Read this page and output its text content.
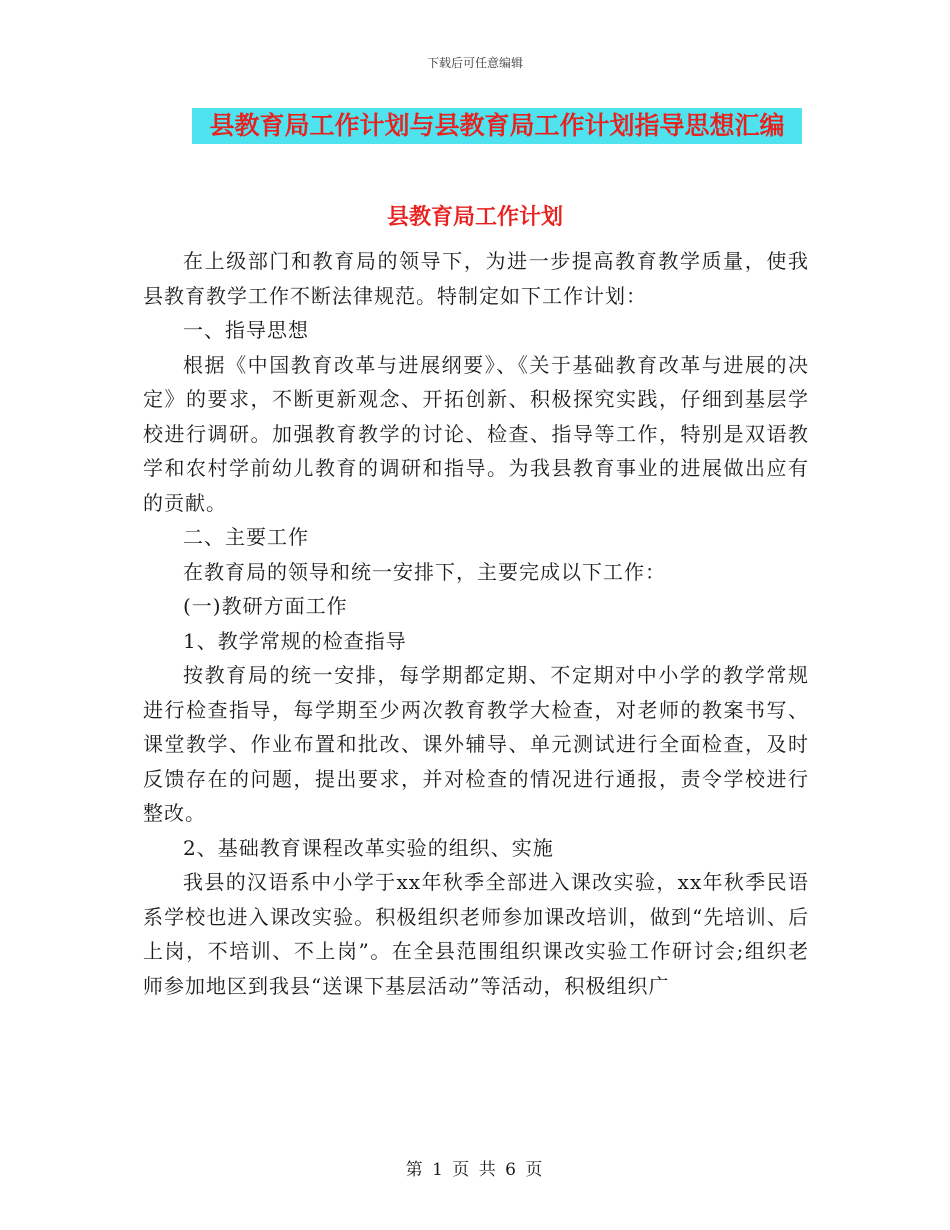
下载后可任意编辑
县教育局工作计划与县教育局工作计划指导思想汇编
县教育局工作计划

在上级部门和教育局的领导下，为进一步提高教育教学质量，使我县教育教学工作不断法律规范。特制定如下工作计划：

一、指导思想

根据《中国教育改革与进展纲要》、《关于基础教育改革与进展的决定》的要求，不断更新观念、开拓创新、积极探究实践，仔细到基层学校进行调研。加强教育教学的讨论、检查、指导等工作，特别是双语教学和农村学前幼儿教育的调研和指导。为我县教育事业的进展做出应有的贡献。

二、主要工作

在教育局的领导和统一安排下，主要完成以下工作：

(一)教研方面工作

1、教学常规的检查指导

按教育局的统一安排，每学期都定期、不定期对中小学的教学常规进行检查指导，每学期至少两次教育教学大检查，对老师的教案书写、课堂教学、作业布置和批改、课外辅导、单元测试进行全面检查，及时反馈存在的问题，提出要求，并对检查的情况进行通报，责令学校进行整改。

2、基础教育课程改革实验的组织、实施

我县的汉语系中小学于xx年秋季全部进入课改实验，xx年秋季民语系学校也进入课改实验。积极组织老师参加课改培训，做到“先培训、后上岗，不培训、不上岗”。在全县范围组织课改实验工作研讨会;组织老师参加地区到我县“送课下基层活动”等活动，积极组织广

第 1 页 共 6 页
